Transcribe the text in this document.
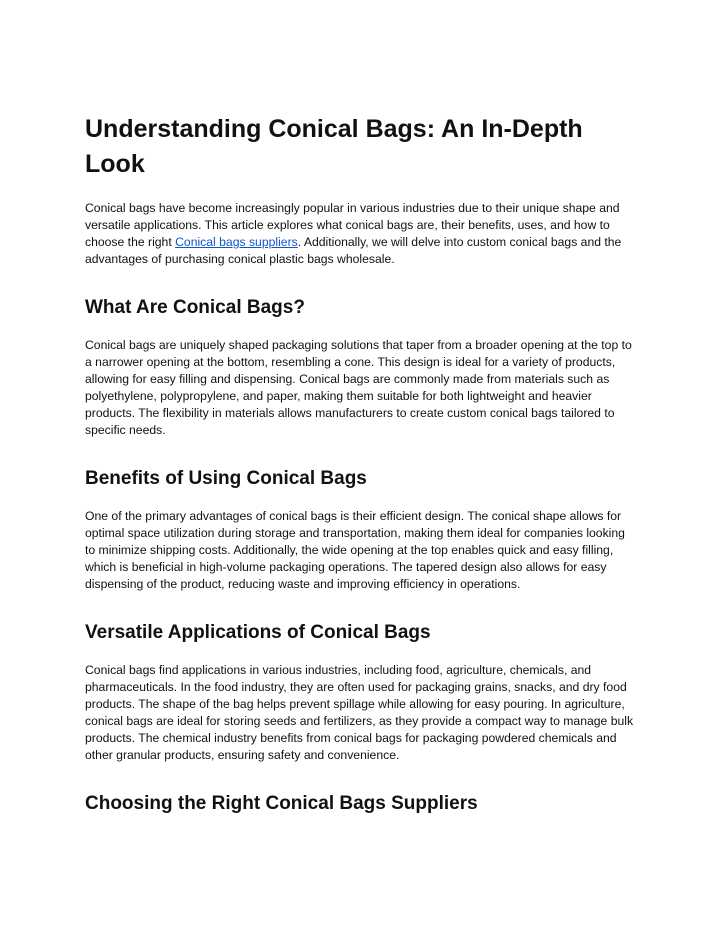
Understanding Conical Bags: An In-Depth Look

Conical bags have become increasingly popular in various industries due to their unique shape and versatile applications. This article explores what conical bags are, their benefits, uses, and how to choose the right Conical bags suppliers. Additionally, we will delve into custom conical bags and the advantages of purchasing conical plastic bags wholesale.

What Are Conical Bags?

Conical bags are uniquely shaped packaging solutions that taper from a broader opening at the top to a narrower opening at the bottom, resembling a cone. This design is ideal for a variety of products, allowing for easy filling and dispensing. Conical bags are commonly made from materials such as polyethylene, polypropylene, and paper, making them suitable for both lightweight and heavier products. The flexibility in materials allows manufacturers to create custom conical bags tailored to specific needs.

Benefits of Using Conical Bags

One of the primary advantages of conical bags is their efficient design. The conical shape allows for optimal space utilization during storage and transportation, making them ideal for companies looking to minimize shipping costs. Additionally, the wide opening at the top enables quick and easy filling, which is beneficial in high-volume packaging operations. The tapered design also allows for easy dispensing of the product, reducing waste and improving efficiency in operations.

Versatile Applications of Conical Bags

Conical bags find applications in various industries, including food, agriculture, chemicals, and pharmaceuticals. In the food industry, they are often used for packaging grains, snacks, and dry food products. The shape of the bag helps prevent spillage while allowing for easy pouring. In agriculture, conical bags are ideal for storing seeds and fertilizers, as they provide a compact way to manage bulk products. The chemical industry benefits from conical bags for packaging powdered chemicals and other granular products, ensuring safety and convenience.

Choosing the Right Conical Bags Suppliers
